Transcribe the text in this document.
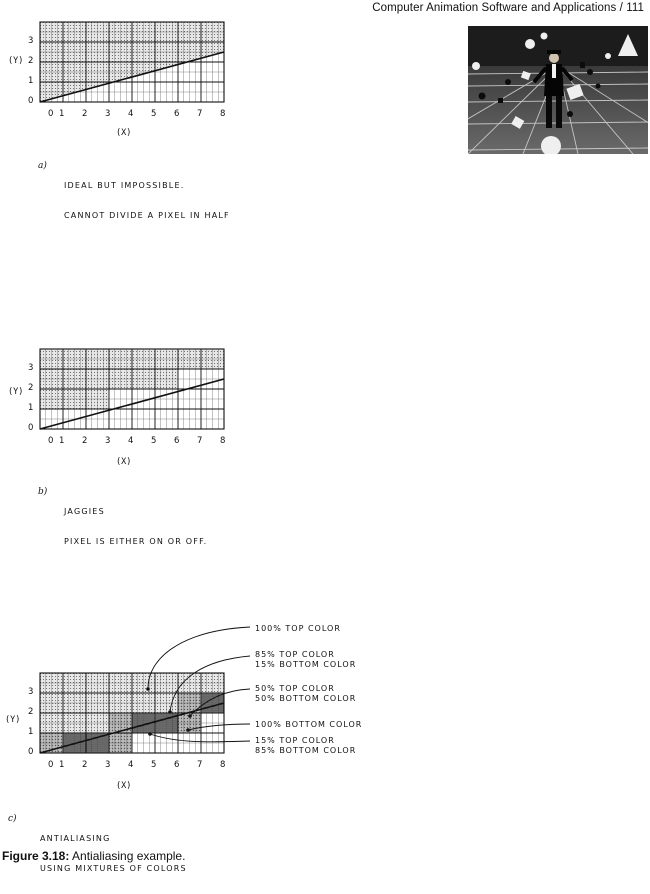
Computer Animation Software and Applications / 111
0 1 2 3 4 5 6 7 8
0
1
2
3
(Y)
(X)

a)

IDEAL BUT IMPOSSIBLE.

CANNOT DIVIDE A PIXEL IN HALF

0 1 2 3 4 5 6 7 8
0
1
2
3
(Y)
(X)

b)

JAGGIES

PIXEL IS EITHER ON OR OFF.

0 1 2 3 4 5 6 7 8
0
1
2
3
(Y)
(X)
100% TOP COLOR
85% TOP COLOR
15% BOTTOM COLOR
50% TOP COLOR
50% BOTTOM COLOR
100% BOTTOM COLOR
15% TOP COLOR
85% BOTTOM COLOR

c)

ANTIALIASING

USING MIXTURES OF COLORS

Figure 3.18: Antialiasing example.
